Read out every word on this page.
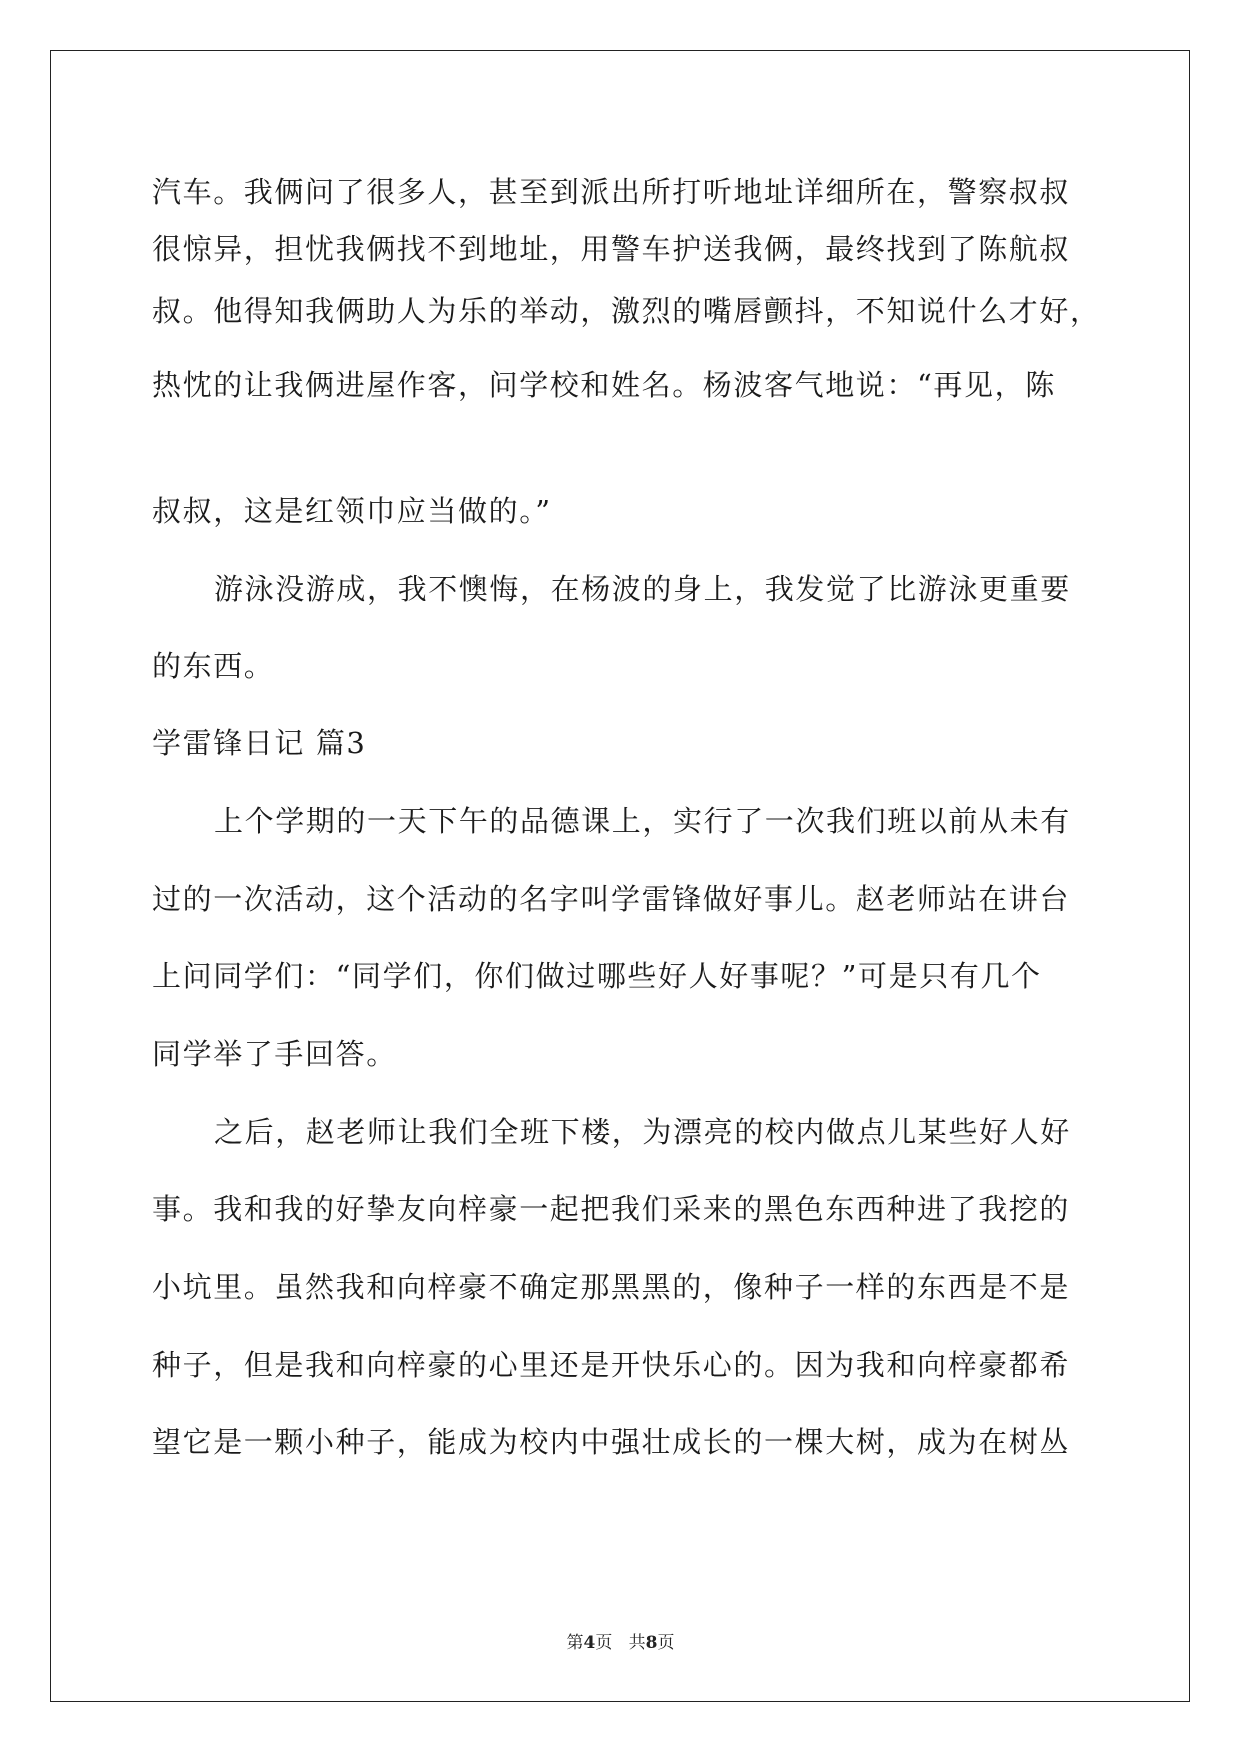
汽车。我俩问了很多人，甚至到派出所打听地址详细所在，警察叔叔
很惊异，担忧我俩找不到地址，用警车护送我俩，最终找到了陈航叔
叔。他得知我俩助人为乐的举动，激烈的嘴唇颤抖，不知说什么才好，
热忱的让我俩进屋作客，问学校和姓名。杨波客气地说：“再见，陈
叔叔，这是红领巾应当做的。”
游泳没游成，我不懊悔，在杨波的身上，我发觉了比游泳更重要
的东西。
学雷锋日记 篇3
上个学期的一天下午的品德课上，实行了一次我们班以前从未有
过的一次活动，这个活动的名字叫学雷锋做好事儿。赵老师站在讲台
上问同学们：“同学们，你们做过哪些好人好事呢？”可是只有几个
同学举了手回答。
之后，赵老师让我们全班下楼，为漂亮的校内做点儿某些好人好
事。我和我的好挚友向梓豪一起把我们采来的黑色东西种进了我挖的
小坑里。虽然我和向梓豪不确定那黑黑的，像种子一样的东西是不是
种子，但是我和向梓豪的心里还是开快乐心的。因为我和向梓豪都希
望它是一颗小种子，能成为校内中强壮成长的一棵大树，成为在树丛
第4页   共8页
